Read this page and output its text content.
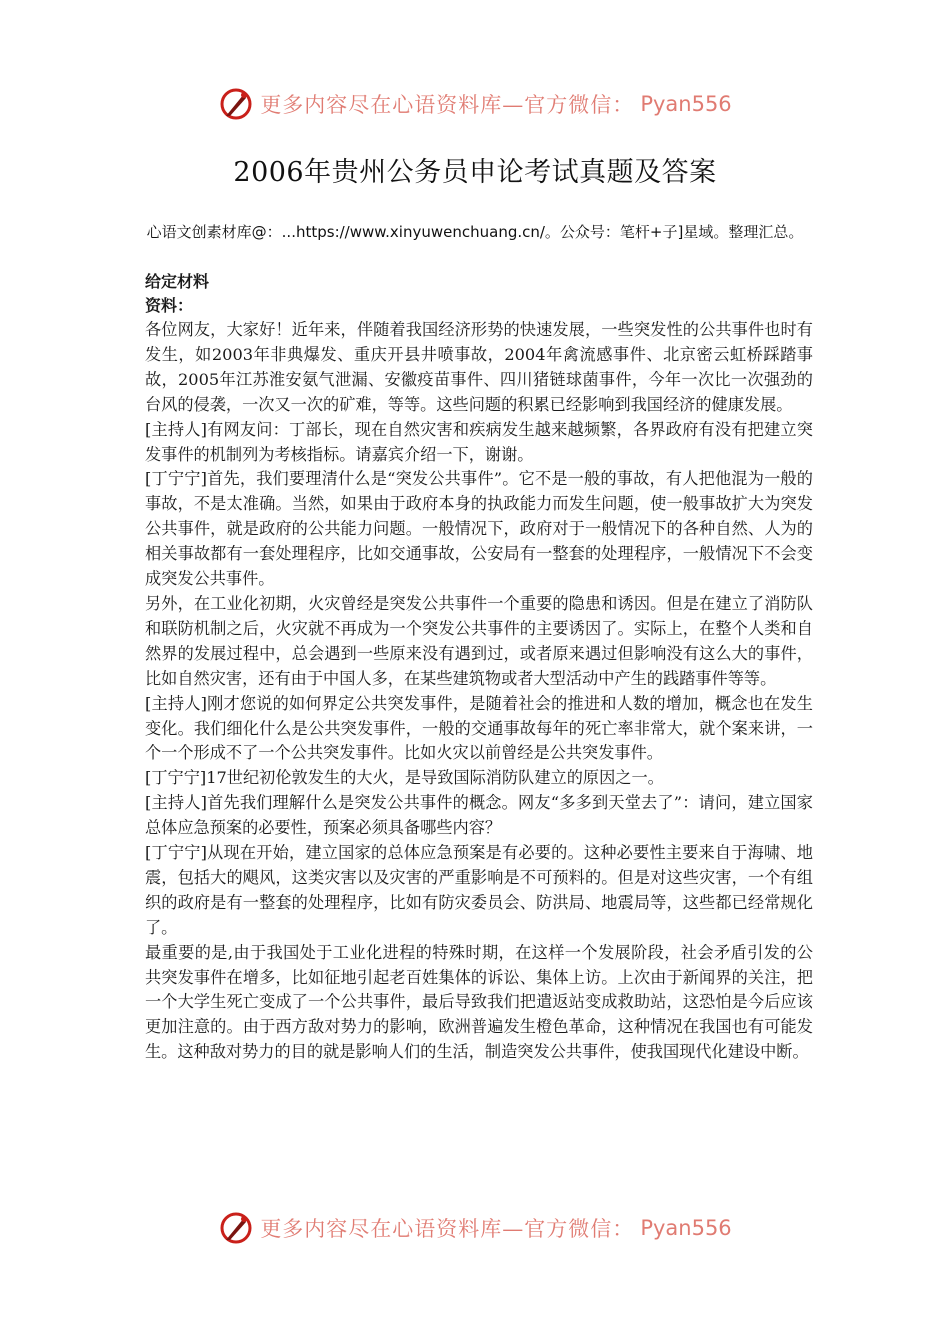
更多内容尽在心语资料库—官方微信： Pyan556
2006年贵州公务员申论考试真题及答案
心语文创素材库@：...https://www.xinyuwenchuang.cn/。公众号：笔杆+子]星域。整理汇总。

给定材料

资料：

各位网友，大家好！近年来，伴随着我国经济形势的快速发展，一些突发性的公共事件也时有发生，如2003年非典爆发、重庆开县井喷事故，2004年禽流感事件、北京密云虹桥踩踏事故，2005年江苏淮安氨气泄漏、安徽疫苗事件、四川猪链球菌事件，今年一次比一次强劲的台风的侵袭，一次又一次的矿难，等等。这些问题的积累已经影响到我国经济的健康发展。

[主持人]有网友问：丁部长，现在自然灾害和疾病发生越来越频繁，各界政府有没有把建立突发事件的机制列为考核指标。请嘉宾介绍一下，谢谢。

[丁宁宁]首先，我们要理清什么是“突发公共事件”。它不是一般的事故，有人把他混为一般的事故，不是太准确。当然，如果由于政府本身的执政能力而发生问题，使一般事故扩大为突发公共事件，就是政府的公共能力问题。一般情况下，政府对于一般情况下的各种自然、人为的相关事故都有一套处理程序，比如交通事故，公安局有一整套的处理程序，一般情况下不会变成突发公共事件。

另外，在工业化初期，火灾曾经是突发公共事件一个重要的隐患和诱因。但是在建立了消防队和联防机制之后，火灾就不再成为一个突发公共事件的主要诱因了。实际上，在整个人类和自然界的发展过程中，总会遇到一些原来没有遇到过，或者原来遇过但影响没有这么大的事件，比如自然灾害，还有由于中国人多，在某些建筑物或者大型活动中产生的践踏事件等等。

[主持人]刚才您说的如何界定公共突发事件，是随着社会的推进和人数的增加，概念也在发生变化。我们细化什么是公共突发事件，一般的交通事故每年的死亡率非常大，就个案来讲，一个一个形成不了一个公共突发事件。比如火灾以前曾经是公共突发事件。

[丁宁宁]17世纪初伦敦发生的大火，是导致国际消防队建立的原因之一。

[主持人]首先我们理解什么是突发公共事件的概念。网友“多多到天堂去了”：请问，建立国家总体应急预案的必要性，预案必须具备哪些内容？

[丁宁宁]从现在开始，建立国家的总体应急预案是有必要的。这种必要性主要来自于海啸、地震，包括大的飓风，这类灾害以及灾害的严重影响是不可预料的。但是对这些灾害，一个有组织的政府是有一整套的处理程序，比如有防灾委员会、防洪局、地震局等，这些都已经常规化了。

最重要的是,由于我国处于工业化进程的特殊时期，在这样一个发展阶段，社会矛盾引发的公共突发事件在增多，比如征地引起老百姓集体的诉讼、集体上访。上次由于新闻界的关注，把一个大学生死亡变成了一个公共事件，最后导致我们把遣返站变成救助站，这恐怕是今后应该更加注意的。由于西方敌对势力的影响，欧洲普遍发生橙色革命，这种情况在我国也有可能发生。这种敌对势力的目的就是影响人们的生活，制造突发公共事件，使我国现代化建设中断。

更多内容尽在心语资料库—官方微信： Pyan556
